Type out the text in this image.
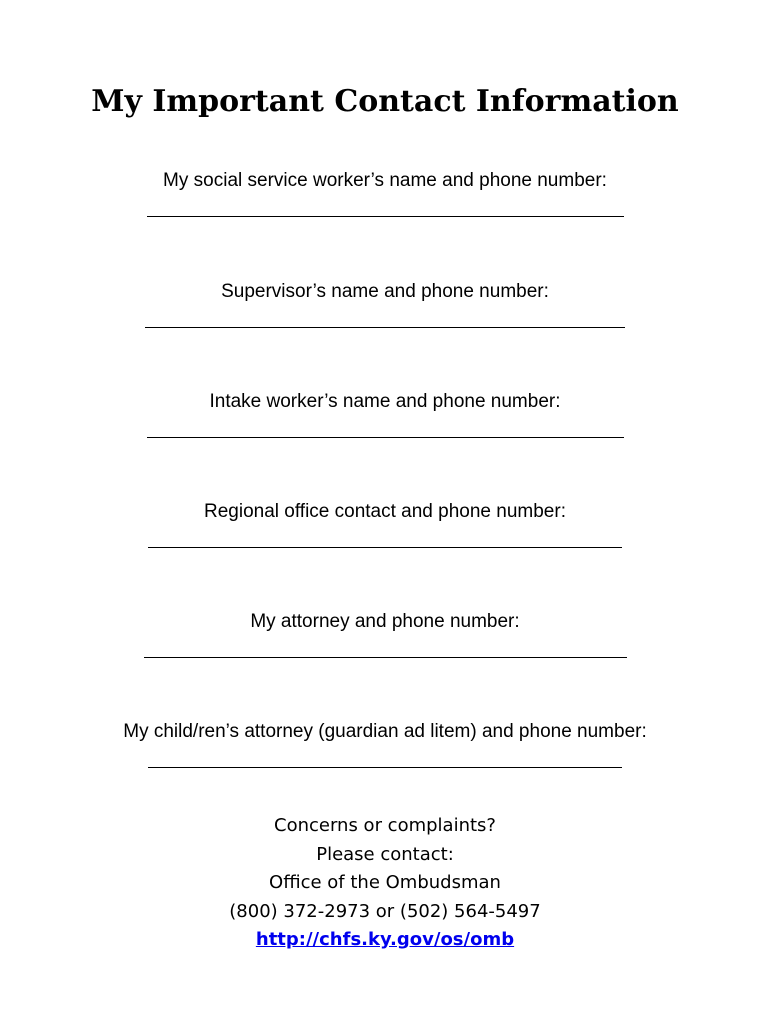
My Important Contact Information
My social service worker’s name and phone number:
Supervisor’s name and phone number:
Intake worker’s name and phone number:
Regional office contact and phone number:
My attorney and phone number:
My child/ren’s attorney (guardian ad litem) and phone number:
Concerns or complaints?
Please contact:
Office of the Ombudsman
(800) 372-2973 or (502) 564-5497
http://chfs.ky.gov/os/omb
